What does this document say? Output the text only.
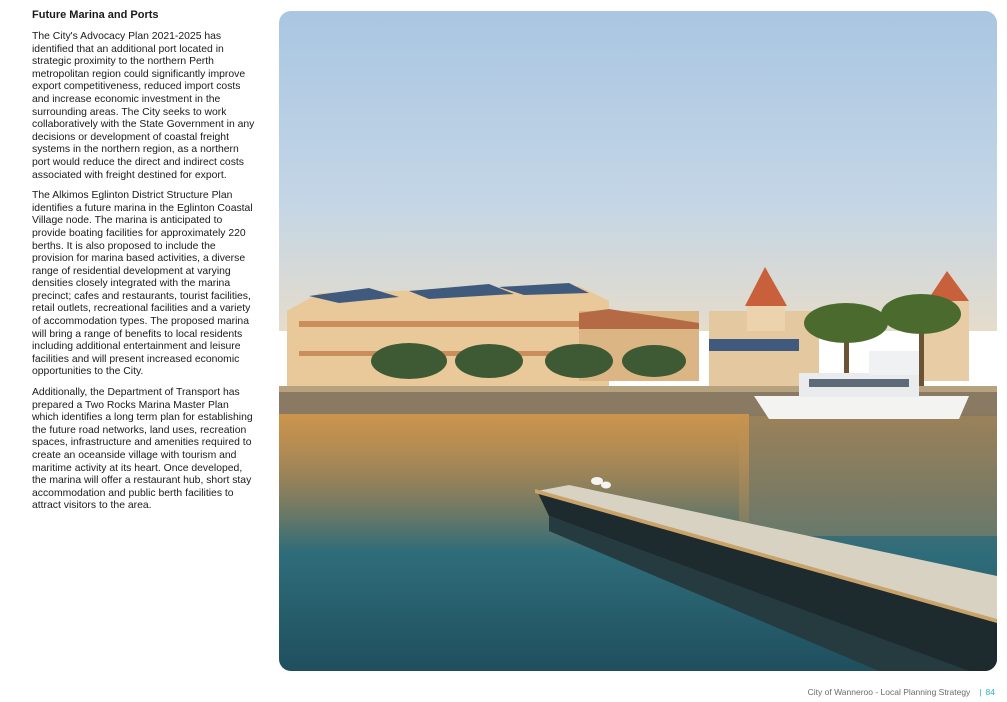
Future Marina and Ports

The City's Advocacy Plan 2021-2025 has identified that an additional port located in strategic proximity to the northern Perth metropolitan region could significantly improve export competitiveness, reduced import costs and increase economic investment in the surrounding areas. The City seeks to work collaboratively with the State Government in any decisions or development of coastal freight systems in the northern region, as a northern port would reduce the direct and indirect costs associated with freight destined for export.

The Alkimos Eglinton District Structure Plan identifies a future marina in the Eglinton Coastal Village node. The marina is anticipated to provide boating facilities for approximately 220 berths. It is also proposed to include the provision for marina based activities, a diverse range of residential development at varying densities closely integrated with the marina precinct; cafes and restaurants, tourist facilities, retail outlets, recreational facilities and a variety of accommodation types. The proposed marina will bring a range of benefits to local residents including additional entertainment and leisure facilities and will present increased economic opportunities to the City.

Additionally, the Department of Transport has prepared a Two Rocks Marina Master Plan which identifies a long term plan for establishing the future road networks, land uses, recreation spaces, infrastructure and amenities required to create an oceanside village with tourism and maritime activity at its heart. Once developed, the marina will offer a restaurant hub, short stay accommodation and public berth facilities to attract visitors to the area.

City of Wanneroo - Local Planning Strategy | 84
